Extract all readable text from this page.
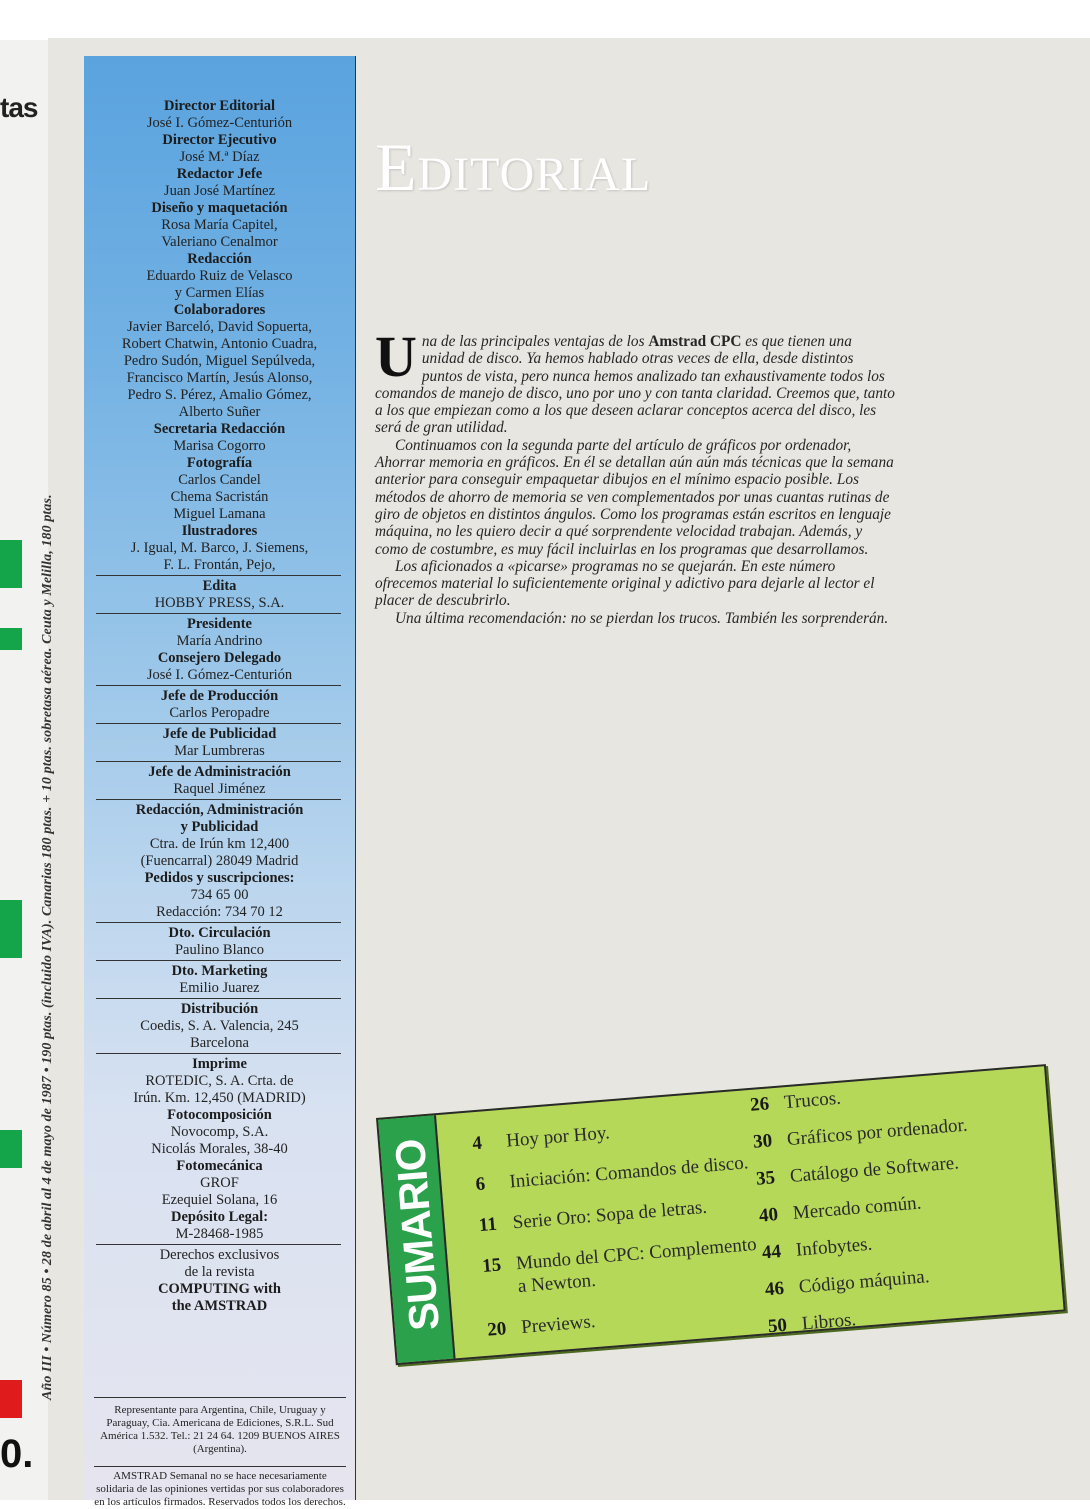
tas
0.
Año III • Número 85 • 28 de abril al 4 de mayo de 1987 • 190 ptas. (incluido IVA). Canarias 180 ptas. + 10 ptas. sobretasa aérea. Ceuta y Melilla, 180 ptas.
Director Editorial
José I. Gómez-Centurión
Director Ejecutivo
José M.ª Díaz
Redactor Jefe
Juan José Martínez
Diseño y maquetación
Rosa María Capitel,
Valeriano Cenalmor
Redacción
Eduardo Ruiz de Velasco
y Carmen Elías
Colaboradores
Javier Barceló, David Sopuerta,
Robert Chatwin, Antonio Cuadra,
Pedro Sudón, Miguel Sepúlveda,
Francisco Martín, Jesús Alonso,
Pedro S. Pérez, Amalio Gómez,
Alberto Suñer
Secretaria Redacción
Marisa Cogorro
Fotografía
Carlos Candel
Chema Sacristán
Miguel Lamana
Ilustradores
J. Igual, M. Barco, J. Siemens,
F. L. Frontán, Pejo,
Edita
HOBBY PRESS, S.A.
Presidente
María Andrino
Consejero Delegado
José I. Gómez-Centurión
Jefe de Producción
Carlos Peropadre
Jefe de Publicidad
Mar Lumbreras
Jefe de Administración
Raquel Jiménez
Redacción, Administración
y Publicidad
Ctra. de Irún km 12,400
(Fuencarral) 28049 Madrid
Pedidos y suscripciones:
734 65 00
Redacción: 734 70 12
Dto. Circulación
Paulino Blanco
Dto. Marketing
Emilio Juarez
Distribución
Coedis, S. A. Valencia, 245
Barcelona
Imprime
ROTEDIC, S. A. Crta. de
Irún. Km. 12,450 (MADRID)
Fotocomposición
Novocomp, S.A.
Nicolás Morales, 38-40
Fotomecánica
GROF
Ezequiel Solana, 16
Depósito Legal:
M-28468-1985
Derechos exclusivos
de la revista
COMPUTING with
the AMSTRAD
Representante para Argentina, Chile, Uruguay y Paraguay, Cia. Americana de Ediciones, S.R.L. Sud América 1.532. Tel.: 21 24 64. 1209 BUENOS AIRES (Argentina).
AMSTRAD Semanal no se hace necesariamente solidaria de las opiniones vertidas por sus colaboradores en los artículos firmados. Reservados todos los derechos.
Editorial

Una de las principales ventajas de los Amstrad CPC es que tienen una unidad de disco. Ya hemos hablado otras veces de ella, desde distintos puntos de vista, pero nunca hemos analizado tan exhaustivamente todos los comandos de manejo de disco, uno por uno y con tanta claridad. Creemos que, tanto a los que empiezan como a los que deseen aclarar conceptos acerca del disco, les será de gran utilidad.

Continuamos con la segunda parte del artículo de gráficos por ordenador, Ahorrar memoria en gráficos. En él se detallan aún aún más técnicas que la semana anterior para conseguir empaquetar dibujos en el mínimo espacio posible. Los métodos de ahorro de memoria se ven complementados por unas cuantas rutinas de giro de objetos en distintos ángulos. Como los programas están escritos en lenguaje máquina, no les quiero decir a qué sorprendente velocidad trabajan. Además, y como de costumbre, es muy fácil incluirlas en los programas que desarrollamos.

Los aficionados a «picarse» programas no se quejarán. En este número ofrecemos material lo suficientemente original y adictivo para dejarle al lector el placer de descubrirlo.

Una última recomendación: no se pierdan los trucos. También les sorprenderán.

SUMARIO 4	Hoy por Hoy.
6	Iniciación: Comandos de disco.
11 Serie Oro: Sopa de letras.
15 Mundo del CPC: Complemento a Newton.
20 Previews.
26 Trucos.
30 Gráficos por ordenador.
35 Catálogo de Software.
40 Mercado común.
44 Infobytes.
46 Código máquina.
50 Libros.
